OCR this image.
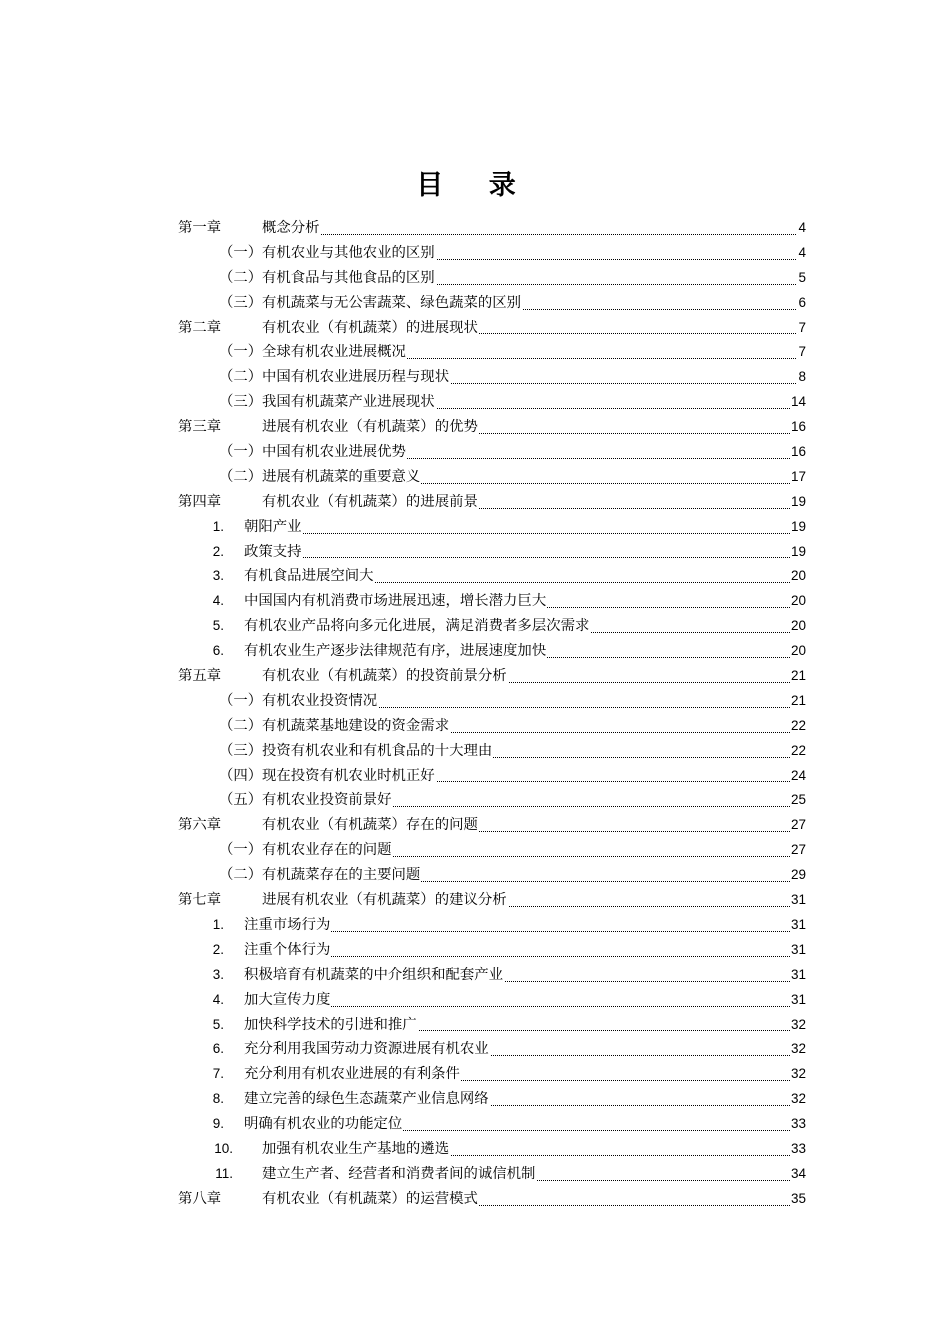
目 录
第一章	概念分析	4
（一） 有机农业与其他农业的区别	4
（二） 有机食品与其他食品的区别	5
（三） 有机蔬菜与无公害蔬菜、绿色蔬菜的区别	6
第二章	有机农业（有机蔬菜）的进展现状	7
（一） 全球有机农业进展概况	7
（二） 中国有机农业进展历程与现状	8
（三） 我国有机蔬菜产业进展现状	14
第三章	进展有机农业（有机蔬菜）的优势	16
（一） 中国有机农业进展优势	16
（二） 进展有机蔬菜的重要意义	17
第四章	有机农业（有机蔬菜）的进展前景	19
1. 朝阳产业	19
2. 政策支持	19
3. 有机食品进展空间大	20
4. 中国国内有机消费市场进展迅速，增长潜力巨大	20
5. 有机农业产品将向多元化进展，满足消费者多层次需求	20
6. 有机农业生产逐步法律规范有序，进展速度加快	20
第五章	有机农业（有机蔬菜）的投资前景分析	21
（一） 有机农业投资情况	21
（二） 有机蔬菜基地建设的资金需求	22
（三） 投资有机农业和有机食品的十大理由	22
（四） 现在投资有机农业时机正好	24
（五） 有机农业投资前景好	25
第六章	有机农业（有机蔬菜）存在的问题	27
（一） 有机农业存在的问题	27
（二） 有机蔬菜存在的主要问题	29
第七章	进展有机农业（有机蔬菜）的建议分析	31
1. 注重市场行为	31
2. 注重个体行为	31
3. 积极培育有机蔬菜的中介组织和配套产业	31
4. 加大宣传力度	31
5. 加快科学技术的引进和推广	32
6. 充分利用我国劳动力资源进展有机农业	32
7. 充分利用有机农业进展的有利条件	32
8. 建立完善的绿色生态蔬菜产业信息网络	32
9. 明确有机农业的功能定位	33
10. 加强有机农业生产基地的遴选	33
11. 建立生产者、经营者和消费者间的诚信机制	34
第八章	有机农业（有机蔬菜）的运营模式	35
